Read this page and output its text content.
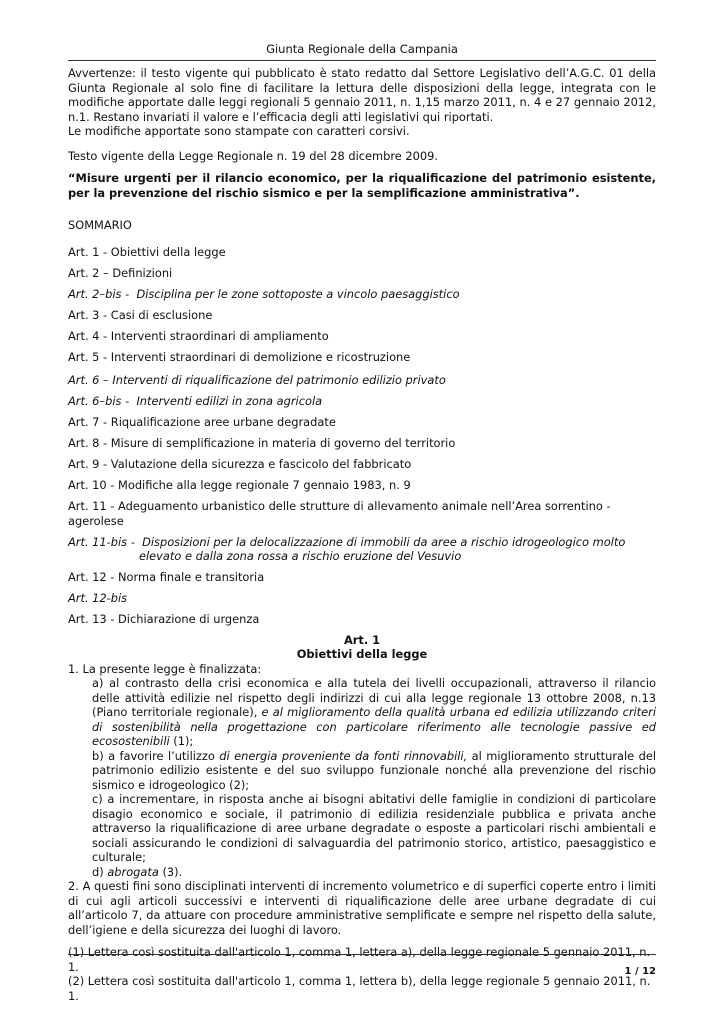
Giunta Regionale della Campania

Avvertenze: il testo vigente qui pubblicato è stato redatto dal Settore Legislativo dell’A.G.C. 01 della Giunta Regionale al solo fine di facilitare la lettura delle disposizioni della legge, integrata con le modifiche apportate dalle leggi regionali 5 gennaio 2011, n. 1,15 marzo 2011, n. 4 e 27 gennaio 2012, n.1. Restano invariati il valore e l’efficacia degli atti legislativi qui riportati.

Le modifiche apportate sono stampate con caratteri corsivi.

Testo vigente della Legge Regionale n. 19 del 28 dicembre 2009.

“Misure urgenti per il rilancio economico, per la riqualificazione del patrimonio esistente, per la prevenzione del rischio sismico e per la semplificazione amministrativa”.

SOMMARIO

Art. 1 - Obiettivi della legge

Art. 2 – Definizioni

Art. 2–bis - Disciplina per le zone sottoposte a vincolo paesaggistico

Art. 3 - Casi di esclusione

Art. 4 - Interventi straordinari di ampliamento

Art. 5 - Interventi straordinari di demolizione e ricostruzione

Art. 6 – Interventi di riqualificazione del patrimonio edilizio privato

Art. 6–bis - Interventi edilizi in zona agricola

Art. 7 - Riqualificazione aree urbane degradate

Art. 8 - Misure di semplificazione in materia di governo del territorio

Art. 9 - Valutazione della sicurezza e fascicolo del fabbricato

Art. 10 - Modifiche alla legge regionale 7 gennaio 1983, n. 9

Art. 11 - Adeguamento urbanistico delle strutture di allevamento animale nell’Area sorrentino - agerolese

Art. 11-bis - Disposizioni per la delocalizzazione di immobili da aree a rischio idrogeologico molto elevato e dalla zona rossa a rischio eruzione del Vesuvio

Art. 12 - Norma finale e transitoria

Art. 12-bis

Art. 13 - Dichiarazione di urgenza

Art. 1

Obiettivi della legge

1. La presente legge è finalizzata:

a) al contrasto della crisi economica e alla tutela dei livelli occupazionali, attraverso il rilancio delle attività edilizie nel rispetto degli indirizzi di cui alla legge regionale 13 ottobre 2008, n.13 (Piano territoriale regionale), e al miglioramento della qualità urbana ed edilizia utilizzando criteri di sostenibilità nella progettazione con particolare riferimento alle tecnologie passive ed ecosostenibili (1);

b) a favorire l’utilizzo di energia proveniente da fonti rinnovabili, al miglioramento strutturale del patrimonio edilizio esistente e del suo sviluppo funzionale nonché alla prevenzione del rischio sismico e idrogeologico (2);

c) a incrementare, in risposta anche ai bisogni abitativi delle famiglie in condizioni di particolare disagio economico e sociale, il patrimonio di edilizia residenziale pubblica e privata anche attraverso la riqualificazione di aree urbane degradate o esposte a particolari rischi ambientali e sociali assicurando le condizioni di salvaguardia del patrimonio storico, artistico, paesaggistico e culturale;

d) abrogata (3).

2. A questi fini sono disciplinati interventi di incremento volumetrico e di superfici coperte entro i limiti di cui agli articoli successivi e interventi di riqualificazione delle aree urbane degradate di cui all’articolo 7, da attuare con procedure amministrative semplificate e sempre nel rispetto della salute, dell’igiene e della sicurezza dei luoghi di lavoro.

(1) Lettera così sostituita dall'articolo 1, comma 1, lettera a), della legge regionale 5 gennaio 2011, n. 1.

(2) Lettera così sostituita dall'articolo 1, comma 1, lettera b), della legge regionale 5 gennaio 2011, n. 1.

1 / 12
